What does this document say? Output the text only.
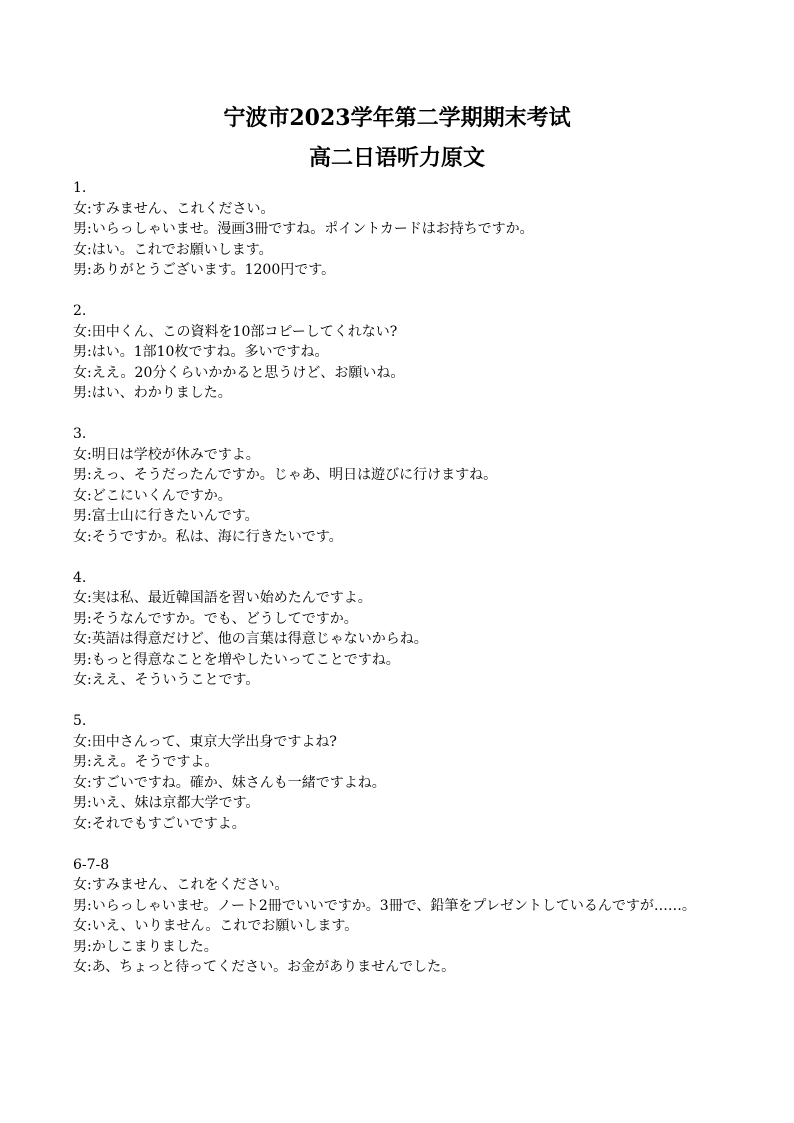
宁波市2023学年第二学期期末考试
高二日语听力原文
1.
女:すみません、これください。
男:いらっしゃいませ。漫画3冊ですね。ポイントカードはお持ちですか。
女:はい。これでお願いします。
男:ありがとうございます。1200円です。
2.
女:田中くん、この資料を10部コピーしてくれない?
男:はい。1部10枚ですね。多いですね。
女:ええ。20分くらいかかると思うけど、お願いね。
男:はい、わかりました。
3.
女:明日は学校が休みですよ。
男:えっ、そうだったんですか。じゃあ、明日は遊びに行けますね。
女:どこにいくんですか。
男:富士山に行きたいんです。
女:そうですか。私は、海に行きたいです。
4.
女:実は私、最近韓国語を習い始めたんですよ。
男:そうなんですか。でも、どうしてですか。
女:英語は得意だけど、他の言葉は得意じゃないからね。
男:もっと得意なことを増やしたいってことですね。
女:ええ、そういうことです。
5.
女:田中さんって、東京大学出身ですよね?
男:ええ。そうですよ。
女:すごいですね。確か、妹さんも一緒ですよね。
男:いえ、妹は京都大学です。
女:それでもすごいですよ。
6-7-8
女:すみません、これをください。
男:いらっしゃいませ。ノート2冊でいいですか。3冊で、鉛筆をプレゼントしているんですが……。
女:いえ、いりません。これでお願いします。
男:かしこまりました。
女:あ、ちょっと待ってください。お金がありませんでした。
